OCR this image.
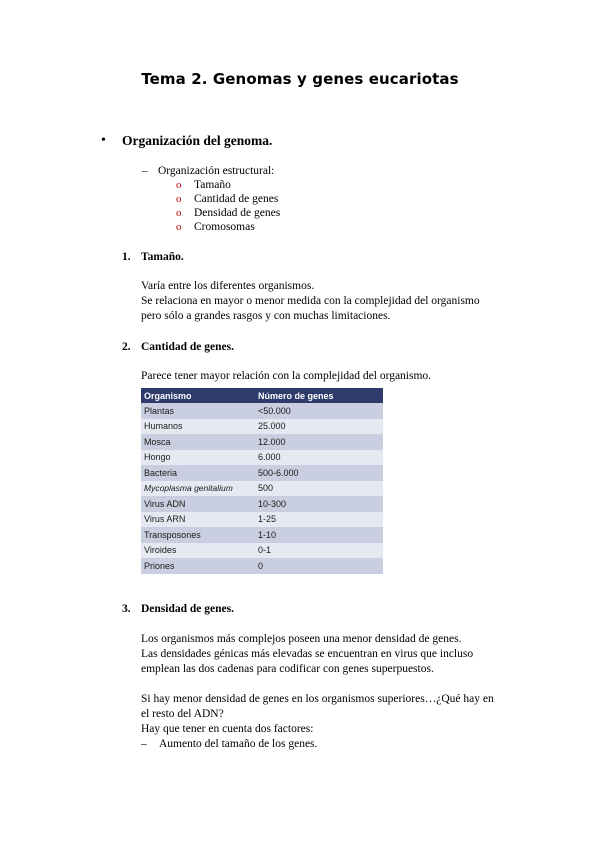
Tema 2. Genomas y genes eucariotas
• Organización del genoma.
– Organización estructural:
o Tamaño
o Cantidad de genes
o Densidad de genes
o Cromosomas
1. Tamaño.
Varía entre los diferentes organismos.
Se relaciona en mayor o menor medida con la complejidad del organismo
pero sólo a grandes rasgos y con muchas limitaciones.
2. Cantidad de genes.
Parece tener mayor relación con la complejidad del organismo.
Organismo	Número de genes
Plantas	<50.000
Humanos	25.000
Mosca	12.000
Hongo	6.000
Bacteria	500-6.000
Mycoplasma genitalium	500
Virus ADN	10-300
Virus ARN	1-25
Transposones	1-10
Viroides	0-1
Priones	0
3. Densidad de genes.
Los organismos más complejos poseen una menor densidad de genes.
Las densidades génicas más elevadas se encuentran en virus que incluso
emplean las dos cadenas para codificar con genes superpuestos.
Si hay menor densidad de genes en los organismos superiores…¿Qué hay en
el resto del ADN?
Hay que tener en cuenta dos factores:
– Aumento del tamaño de los genes.
